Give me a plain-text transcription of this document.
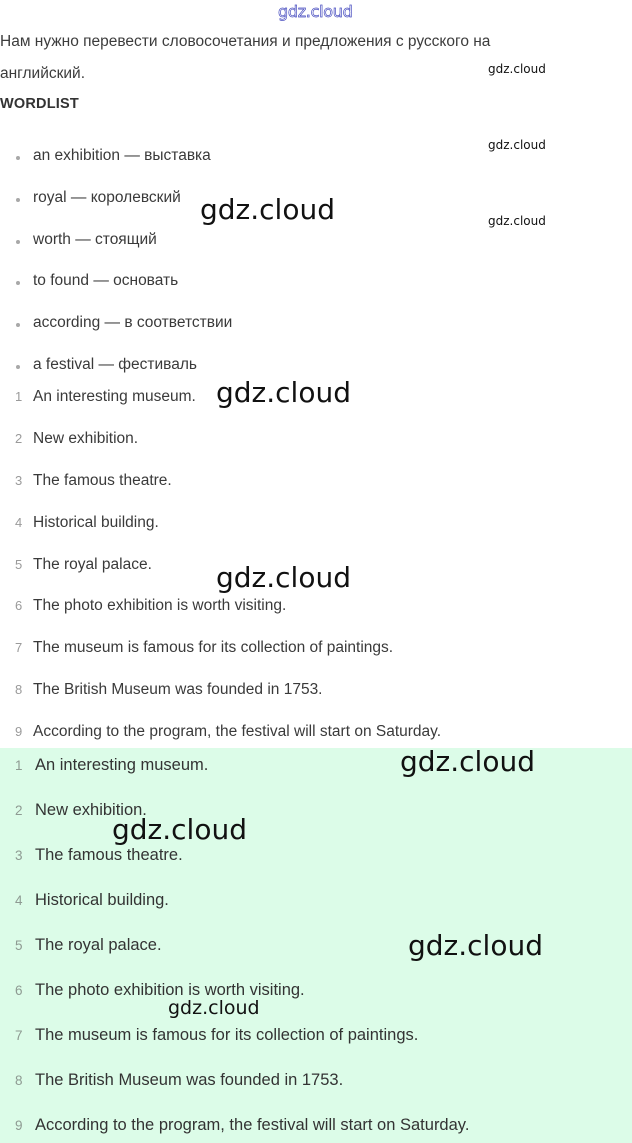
gdz.cloud
Нам нужно перевести словосочетания и предложения с русского на
английский.
WORDLIST
an exhibition — выставка
royal — королевский
worth — стоящий
to found — основать
according — в соответствии
a festival — фестиваль
1 An interesting museum.
2 New exhibition.
3 The famous theatre.
4 Historical building.
5 The royal palace.
6 The photo exhibition is worth visiting.
7 The museum is famous for its collection of paintings.
8 The British Museum was founded in 1753.
9 According to the program, the festival will start on Saturday.
1 An interesting museum.
2 New exhibition.
3 The famous theatre.
4 Historical building.
5 The royal palace.
6 The photo exhibition is worth visiting.
7 The museum is famous for its collection of paintings.
8 The British Museum was founded in 1753.
9 According to the program, the festival will start on Saturday.
gdz.cloud
gdz.cloud
gdz.cloud
gdz.cloud
gdz.cloud
gdz.cloud
gdz.cloud
gdz.cloud
gdz.cloud
gdz.cloud
